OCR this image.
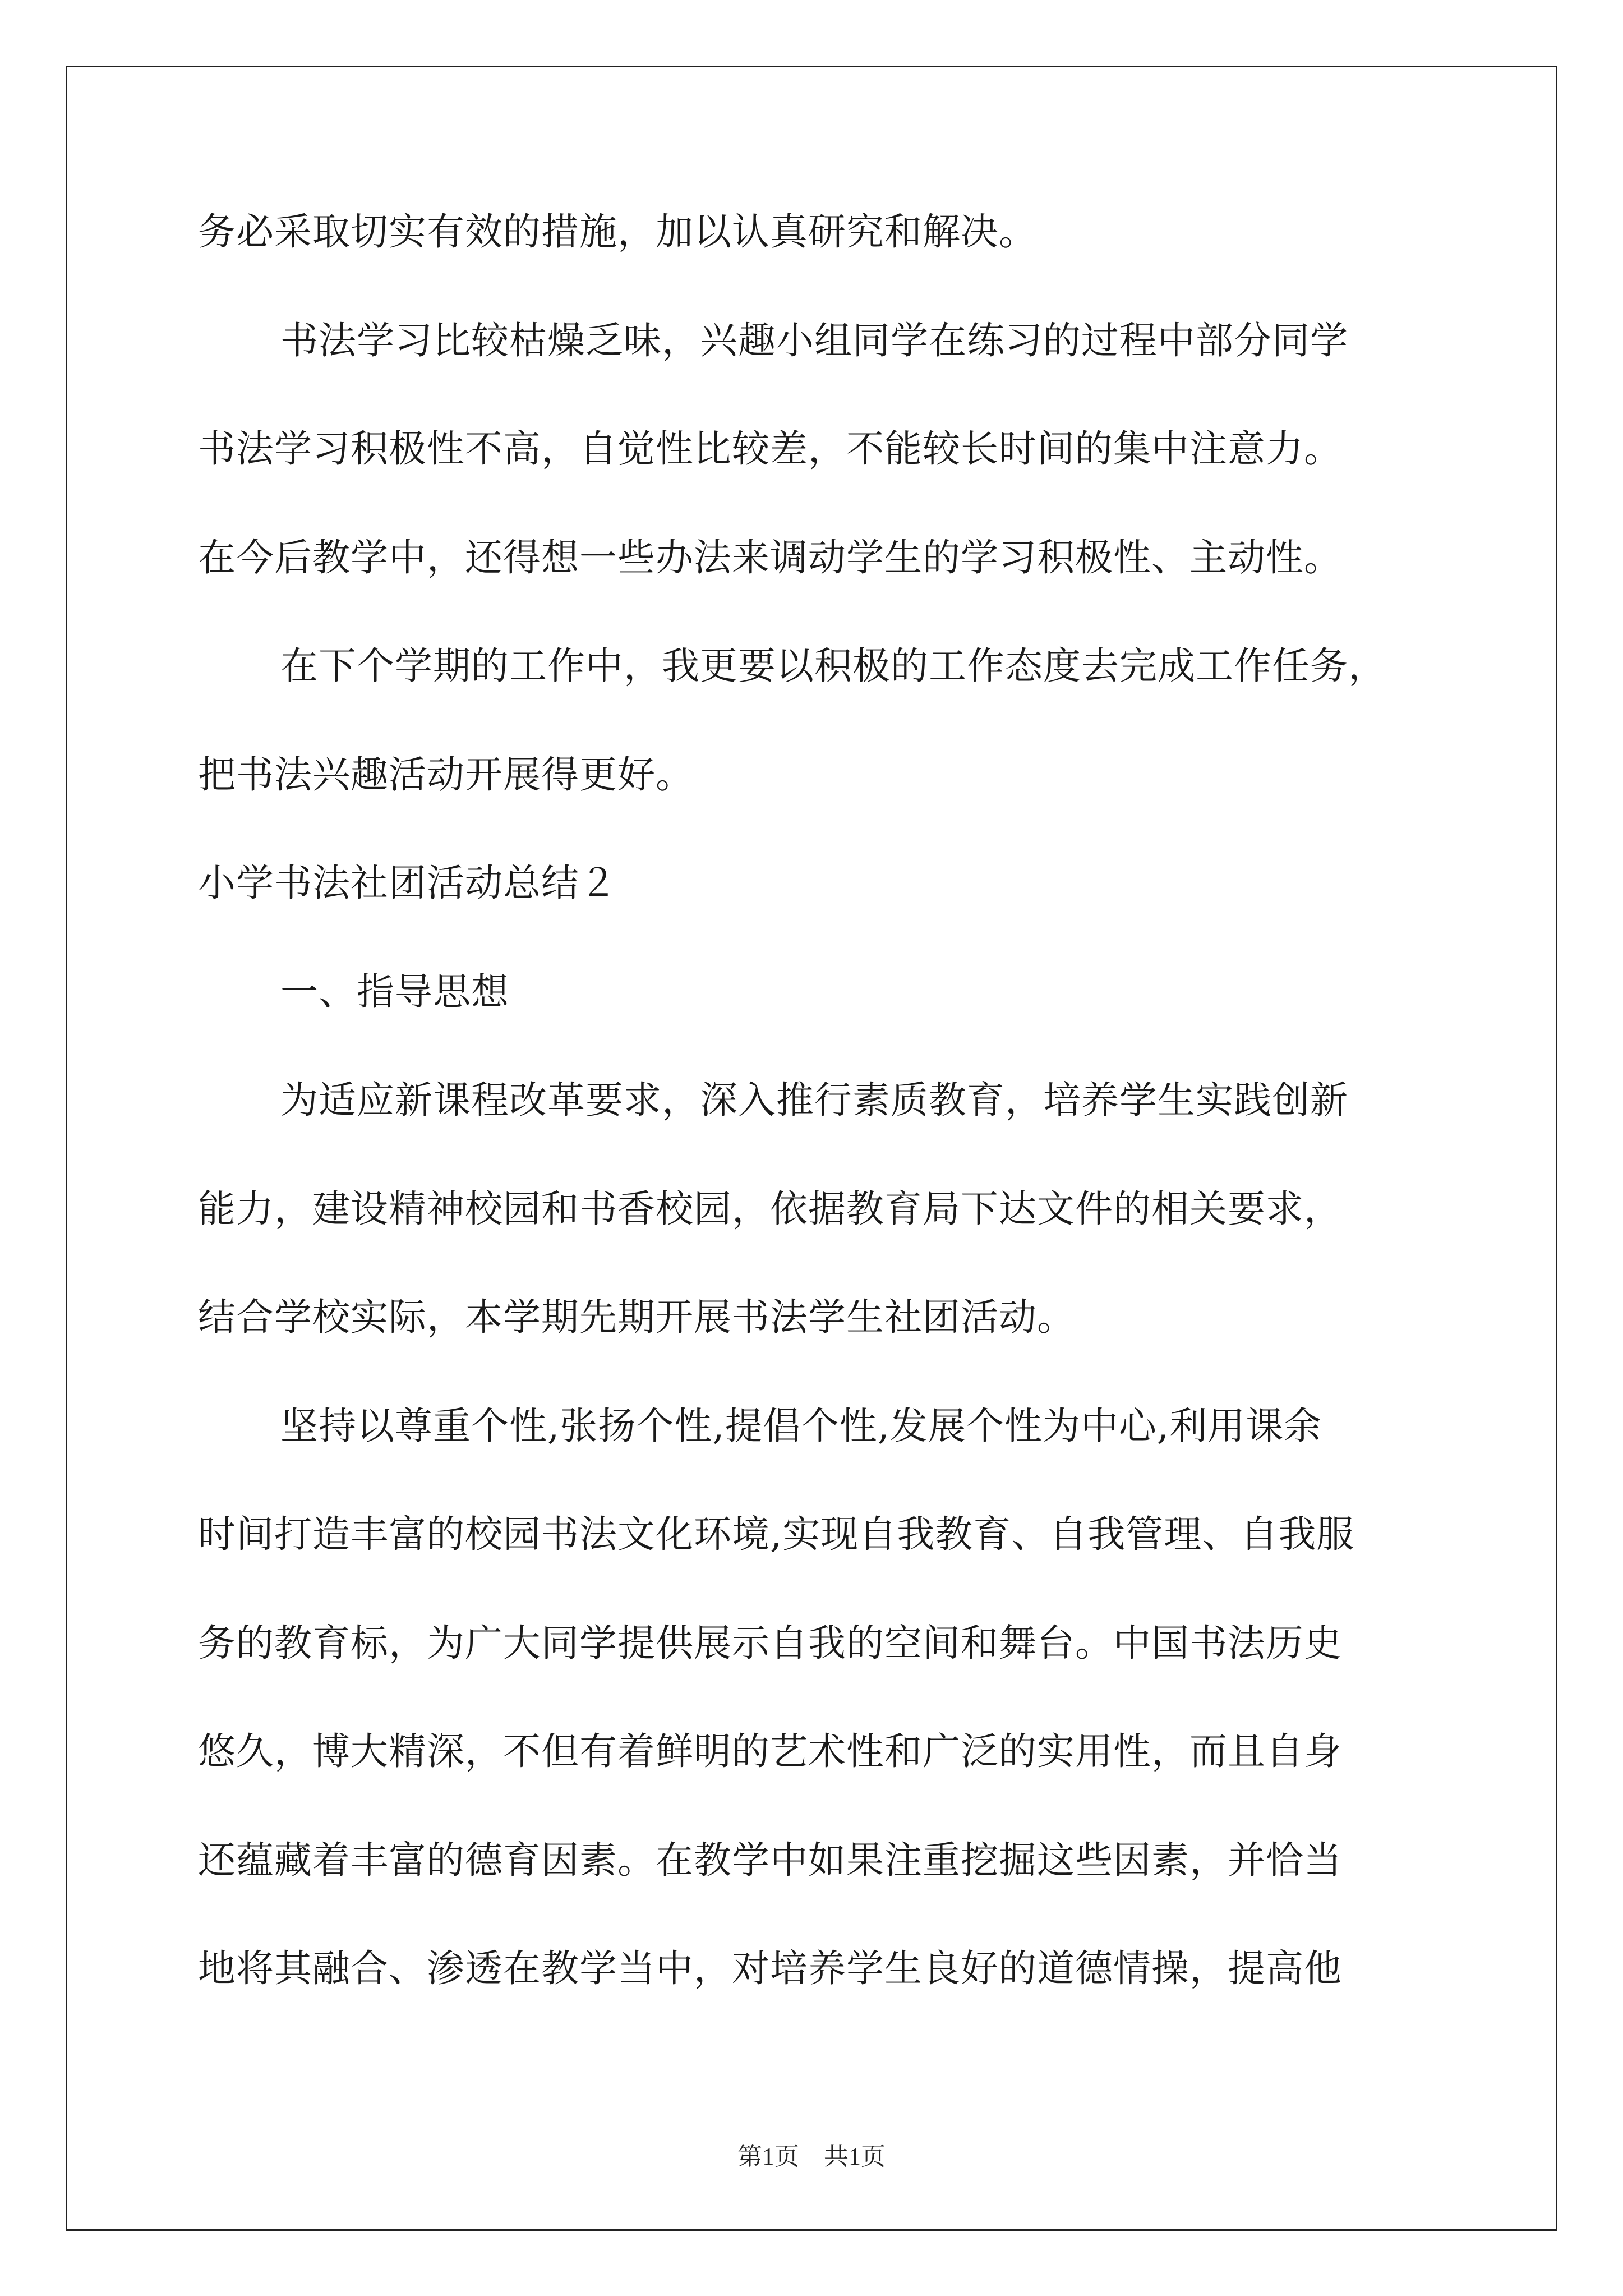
务必采取切实有效的措施，加以认真研究和解决。
书法学习比较枯燥乏味，兴趣小组同学在练习的过程中部分同学
书法学习积极性不高，自觉性比较差，不能较长时间的集中注意力。
在今后教学中，还得想一些办法来调动学生的学习积极性、主动性。
在下个学期的工作中，我更要以积极的工作态度去完成工作任务，
把书法兴趣活动开展得更好。
小学书法社团活动总结２
一、指导思想
为适应新课程改革要求，深入推行素质教育，培养学生实践创新
能力，建设精神校园和书香校园，依据教育局下达文件的相关要求，
结合学校实际，本学期先期开展书法学生社团活动。
坚持以尊重个性,张扬个性,提倡个性,发展个性为中心,利用课余
时间打造丰富的校园书法文化环境,实现自我教育、自我管理、自我服
务的教育标，为广大同学提供展示自我的空间和舞台。中国书法历史
悠久，博大精深，不但有着鲜明的艺术性和广泛的实用性，而且自身
还蕴藏着丰富的德育因素。在教学中如果注重挖掘这些因素，并恰当
地将其融合、渗透在教学当中，对培养学生良好的道德情操，提高他
第1页    共1页
